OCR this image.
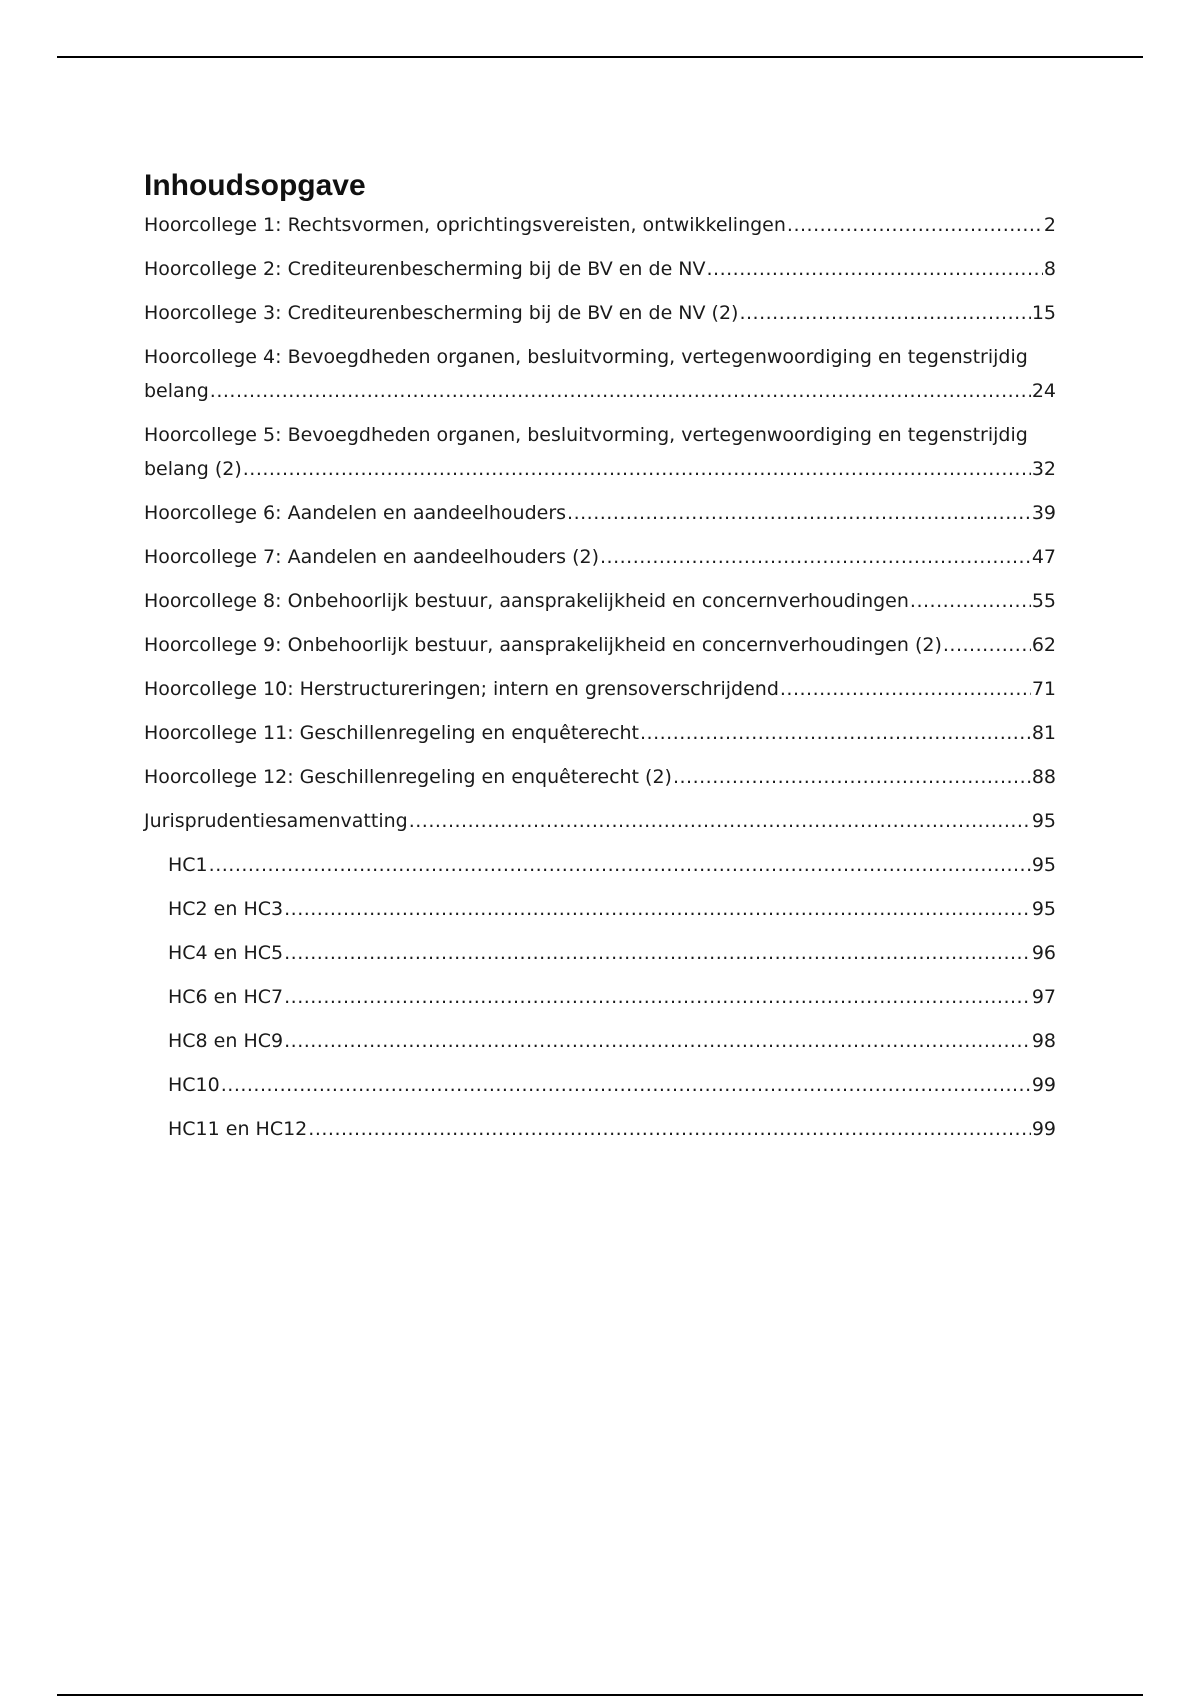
Inhoudsopgave
Hoorcollege 1: Rechtsvormen, oprichtingsvereisten, ontwikkelingen .....	2
Hoorcollege 2: Crediteurenbescherming bij de BV en de NV .....	8
Hoorcollege 3: Crediteurenbescherming bij de BV en de NV (2) .....	15
Hoorcollege 4: Bevoegdheden organen, besluitvorming, vertegenwoordiging en tegenstrijdig
belang .....	24
Hoorcollege 5: Bevoegdheden organen, besluitvorming, vertegenwoordiging en tegenstrijdig
belang (2) .....	32
Hoorcollege 6: Aandelen en aandeelhouders .....	39
Hoorcollege 7: Aandelen en aandeelhouders (2) .....	47
Hoorcollege 8: Onbehoorlijk bestuur, aansprakelijkheid en concernverhoudingen .....	55
Hoorcollege 9: Onbehoorlijk bestuur, aansprakelijkheid en concernverhoudingen (2) .....	62
Hoorcollege 10: Herstructureringen; intern en grensoverschrijdend .....	71
Hoorcollege 11: Geschillenregeling en enquêterecht .....	81
Hoorcollege 12: Geschillenregeling en enquêterecht (2) .....	88
Jurisprudentiesamenvatting .....	95
HC1 .....	95
HC2 en HC3 .....	95
HC4 en HC5 .....	96
HC6 en HC7 .....	97
HC8 en HC9 .....	98
HC10 .....	99
HC11 en HC12 .....	99
